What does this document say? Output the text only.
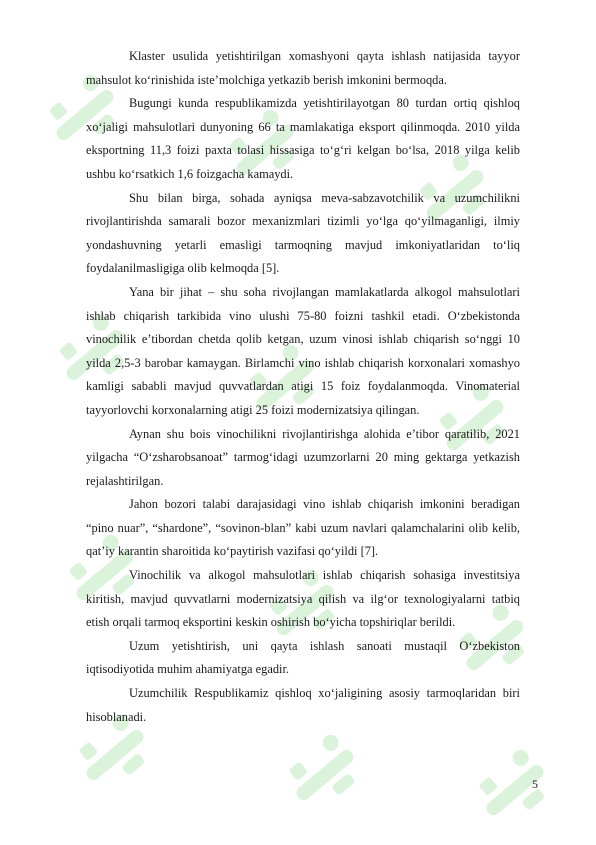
Klaster usulida yetishtirilgan xomashyoni qayta ishlash natijasida tayyor mahsulot ko‘rinishida iste’molchiga yetkazib berish imkonini bermoqda.

Bugungi kunda respublikamizda yetishtirilayotgan 80 turdan ortiq qishloq xo‘jaligi mahsulotlari dunyoning 66 ta mamlakatiga eksport qilinmoqda. 2010 yilda eksportning 11,3 foizi paxta tolasi hissasiga to‘g‘ri kelgan bo‘lsa, 2018 yilga kelib ushbu ko‘rsatkich 1,6 foizgacha kamaydi.

Shu bilan birga, sohada ayniqsa meva-sabzavotchilik va uzumchilikni rivojlantirishda samarali bozor mexanizmlari tizimli yo‘lga qo‘yilmaganligi, ilmiy yondashuvning yetarli emasligi tarmoqning mavjud imkoniyatlaridan to‘liq foydalanilmasligiga olib kelmoqda [5].

Yana bir jihat – shu soha rivojlangan mamlakatlarda alkogol mahsulotlari ishlab chiqarish tarkibida vino ulushi 75-80 foizni tashkil etadi. O‘zbekistonda vinochilik e’tibordan chetda qolib ketgan, uzum vinosi ishlab chiqarish so‘nggi 10 yilda 2,5-3 barobar kamaygan. Birlamchi vino ishlab chiqarish korxonalari xomashyo kamligi sababli mavjud quvvatlardan atigi 15 foiz foydalanmoqda. Vinomaterial tayyorlovchi korxonalarning atigi 25 foizi modernizatsiya qilingan.

Aynan shu bois vinochilikni rivojlantirishga alohida e’tibor qaratilib, 2021 yilgacha “O‘zsharobsanoat” tarmog‘idagi uzumzorlarni 20 ming gektarga yetkazish rejalashtirilgan.

Jahon bozori talabi darajasidagi vino ishlab chiqarish imkonini beradigan “pino nuar”, “shardone”, “sovinon-blan” kabi uzum navlari qalamchalarini olib kelib, qat’iy karantin sharoitida ko‘paytirish vazifasi qo‘yildi [7].

Vinochilik va alkogol mahsulotlari ishlab chiqarish sohasiga investitsiya kiritish, mavjud quvvatlarni modernizatsiya qilish va ilg‘or texnologiyalarni tatbiq etish orqali tarmoq eksportini keskin oshirish bo‘yicha topshiriqlar berildi.

Uzum yetishtirish, uni qayta ishlash sanoati mustaqil O‘zbekiston iqtisodiyotida muhim ahamiyatga egadir.

Uzumchilik Respublikamiz qishloq xo‘jaligining asosiy tarmoqlaridan biri hisoblanadi.

5
